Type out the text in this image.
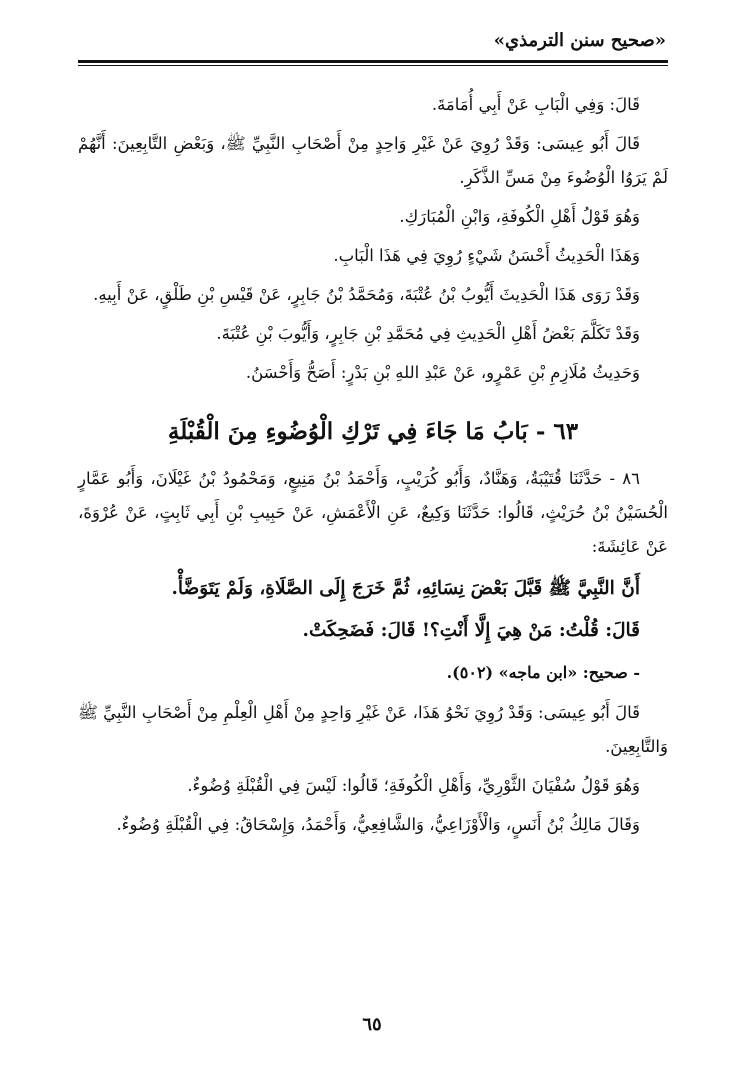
«صحيح سنن الترمذي»

قَالَ: وَفِي الْبَابِ عَنْ أَبِي أُمَامَةَ.

قَالَ أَبُو عِيسَى: وَقَدْ رُوِيَ عَنْ غَيْرِ وَاحِدٍ مِنْ أَصْحَابِ النَّبِيِّ ﷺ، وَبَعْضِ التَّابِعِينَ: أَنَّهُمْ لَمْ يَرَوُا الْوُضُوءَ مِنْ مَسِّ الذَّكَرِ.

وَهُوَ قَوْلُ أَهْلِ الْكُوفَةِ، وَابْنِ الْمُبَارَكِ.

وَهَذَا الْحَدِيثُ أَحْسَنُ شَيْءٍ رُوِيَ فِي هَذَا الْبَابِ.

وَقَدْ رَوَى هَذَا الْحَدِيثَ أَيُّوبُ بْنُ عُتْبَةَ، وَمُحَمَّدُ بْنُ جَابِرٍ، عَنْ قَيْسِ بْنِ طَلْقٍ، عَنْ أَبِيهِ.

وَقَدْ تَكَلَّمَ بَعْضُ أَهْلِ الْحَدِيثِ فِي مُحَمَّدِ بْنِ جَابِرٍ، وَأَيُّوبَ بْنِ عُتْبَةَ.

وَحَدِيثُ مُلَازِمِ بْنِ عَمْرٍو، عَنْ عَبْدِ اللهِ بْنِ بَدْرٍ: أَصَحُّ وَأَحْسَنُ.

٦٣ - بَابُ مَا جَاءَ فِي تَرْكِ الْوُضُوءِ مِنَ الْقُبْلَةِ

٨٦ - حَدَّثَنَا قُتَيْبَةُ، وَهَنَّادٌ، وَأَبُو كُرَيْبٍ، وَأَحْمَدُ بْنُ مَنِيعٍ، وَمَحْمُودُ بْنُ غَيْلَانَ، وَأَبُو عَمَّارٍ الْحُسَيْنُ بْنُ حُرَيْثٍ، قَالُوا: حَدَّثَنَا وَكِيعٌ، عَنِ الْأَعْمَشِ، عَنْ حَبِيبِ بْنِ أَبِي ثَابِتٍ، عَنْ عُرْوَةَ، عَنْ عَائِشَةَ:

أَنَّ النَّبِيَّ ﷺ قَبَّلَ بَعْضَ نِسَائِهِ، ثُمَّ خَرَجَ إِلَى الصَّلَاةِ، وَلَمْ يَتَوَضَّأْ.

قَالَ: قُلْتُ: مَنْ هِيَ إِلَّا أَنْتِ؟! قَالَ: فَضَحِكَتْ.

- صحيح: «ابن ماجه» (٥٠٢).

قَالَ أَبُو عِيسَى: وَقَدْ رُوِيَ نَحْوُ هَذَا، عَنْ غَيْرِ وَاحِدٍ مِنْ أَهْلِ الْعِلْمِ مِنْ أَصْحَابِ النَّبِيِّ ﷺ وَالتَّابِعِينَ.

وَهُوَ قَوْلُ سُفْيَانَ الثَّوْرِيِّ، وَأَهْلِ الْكُوفَةِ؛ قَالُوا: لَيْسَ فِي الْقُبْلَةِ وُضُوءٌ.

وَقَالَ مَالِكُ بْنُ أَنَسٍ، وَالْأَوْزَاعِيُّ، وَالشَّافِعِيُّ، وَأَحْمَدُ، وَإِسْحَاقُ: فِي الْقُبْلَةِ وُضُوءٌ.

٦٥
